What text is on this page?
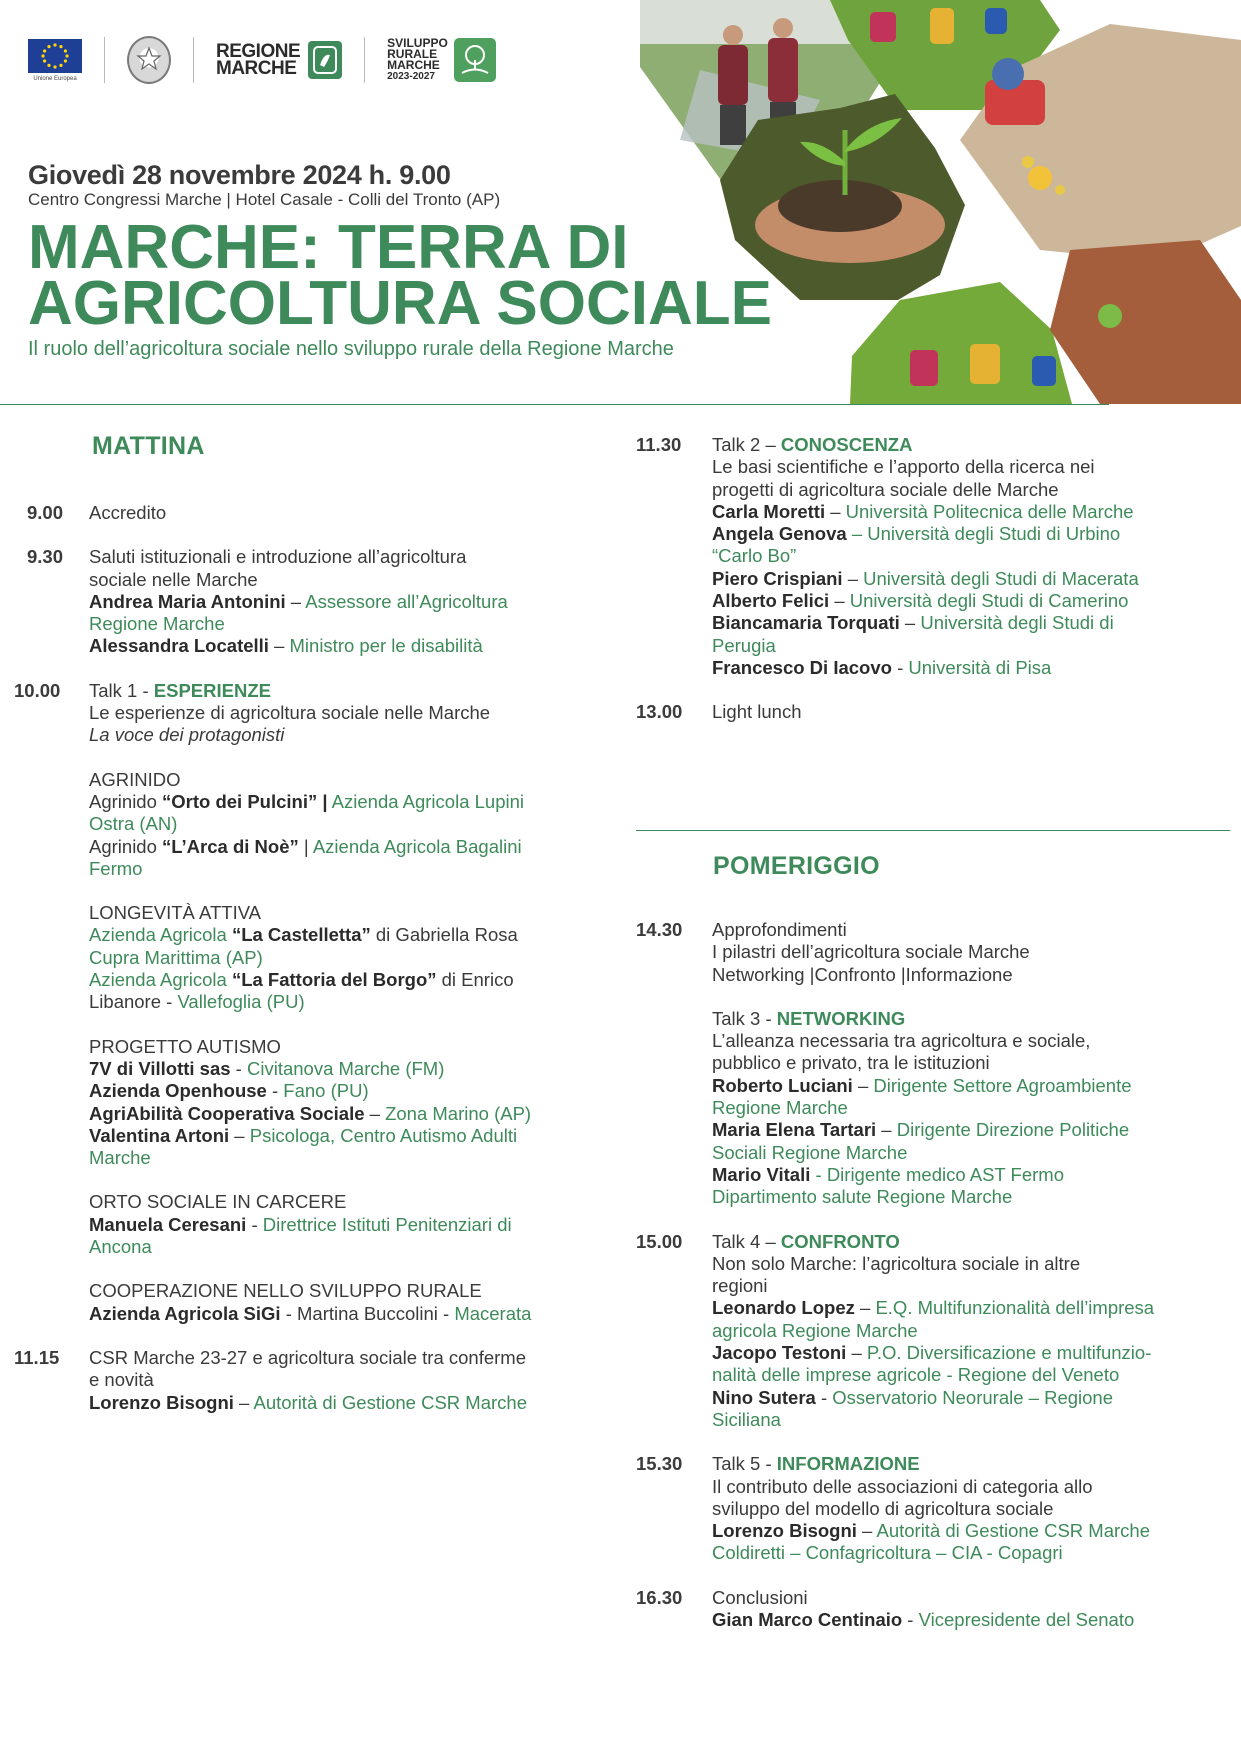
Unione Europea
REGIONE
MARCHE
SVILUPPO
RURALE
MARCHE
2023-2027
Giovedì 28 novembre 2024 h. 9.00
Centro Congressi Marche | Hotel Casale - Colli del Tronto (AP)
MARCHE: TERRA DI
AGRICOLTURA SOCIALE
Il ruolo dell’agricoltura sociale nello sviluppo rurale della Regione Marche
MATTINA
9.00 Accredito
9.30 Saluti istituzionali e introduzione all’agricoltura
sociale nelle Marche
Andrea Maria Antonini – Assessore all’Agricoltura
Regione Marche
Alessandra Locatelli – Ministro per le disabilità
10.00 Talk 1 - ESPERIENZE
Le esperienze di agricoltura sociale nelle Marche
La voce dei protagonisti
AGRINIDO
Agrinido “Orto dei Pulcini” | Azienda Agricola Lupini
Ostra (AN)
Agrinido “L’Arca di Noè” | Azienda Agricola Bagalini
Fermo
LONGEVITÀ ATTIVA
Azienda Agricola “La Castelletta” di Gabriella Rosa
Cupra Marittima (AP)
Azienda Agricola “La Fattoria del Borgo” di Enrico
Libanore - Vallefoglia (PU)
PROGETTO AUTISMO
7V di Villotti sas - Civitanova Marche (FM)
Azienda Openhouse - Fano (PU)
AgriAbilità Cooperativa Sociale – Zona Marino (AP)
Valentina Artoni – Psicologa, Centro Autismo Adulti
Marche
ORTO SOCIALE IN CARCERE
Manuela Ceresani - Direttrice Istituti Penitenziari di
Ancona
COOPERAZIONE NELLO SVILUPPO RURALE
Azienda Agricola SiGi - Martina Buccolini - Macerata
11.15 CSR Marche 23-27 e agricoltura sociale tra conferme
e novità
Lorenzo Bisogni – Autorità di Gestione CSR Marche
11.30 Talk 2 – CONOSCENZA
Le basi scientifiche e l’apporto della ricerca nei
progetti di agricoltura sociale delle Marche
Carla Moretti – Università Politecnica delle Marche
Angela Genova – Università degli Studi di Urbino
“Carlo Bo”
Piero Crispiani – Università degli Studi di Macerata
Alberto Felici – Università degli Studi di Camerino
Biancamaria Torquati – Università degli Studi di
Perugia
Francesco Di Iacovo - Università di Pisa
13.00 Light lunch
POMERIGGIO
14.30 Approfondimenti
I pilastri dell’agricoltura sociale Marche
Networking |Confronto |Informazione
Talk 3 - NETWORKING
L’alleanza necessaria tra agricoltura e sociale,
pubblico e privato, tra le istituzioni
Roberto Luciani – Dirigente Settore Agroambiente
Regione Marche
Maria Elena Tartari – Dirigente Direzione Politiche
Sociali Regione Marche
Mario Vitali - Dirigente medico AST Fermo
Dipartimento salute Regione Marche
15.00 Talk 4 – CONFRONTO
Non solo Marche: l’agricoltura sociale in altre
regioni
Leonardo Lopez – E.Q. Multifunzionalità dell’impresa
agricola Regione Marche
Jacopo Testoni – P.O. Diversificazione e multifunzio-
nalità delle imprese agricole - Regione del Veneto
Nino Sutera - Osservatorio Neorurale – Regione
Siciliana
15.30 Talk 5 - INFORMAZIONE
Il contributo delle associazioni di categoria allo
sviluppo del modello di agricoltura sociale
Lorenzo Bisogni – Autorità di Gestione CSR Marche
Coldiretti – Confagricoltura – CIA - Copagri
16.30 Conclusioni
Gian Marco Centinaio - Vicepresidente del Senato
